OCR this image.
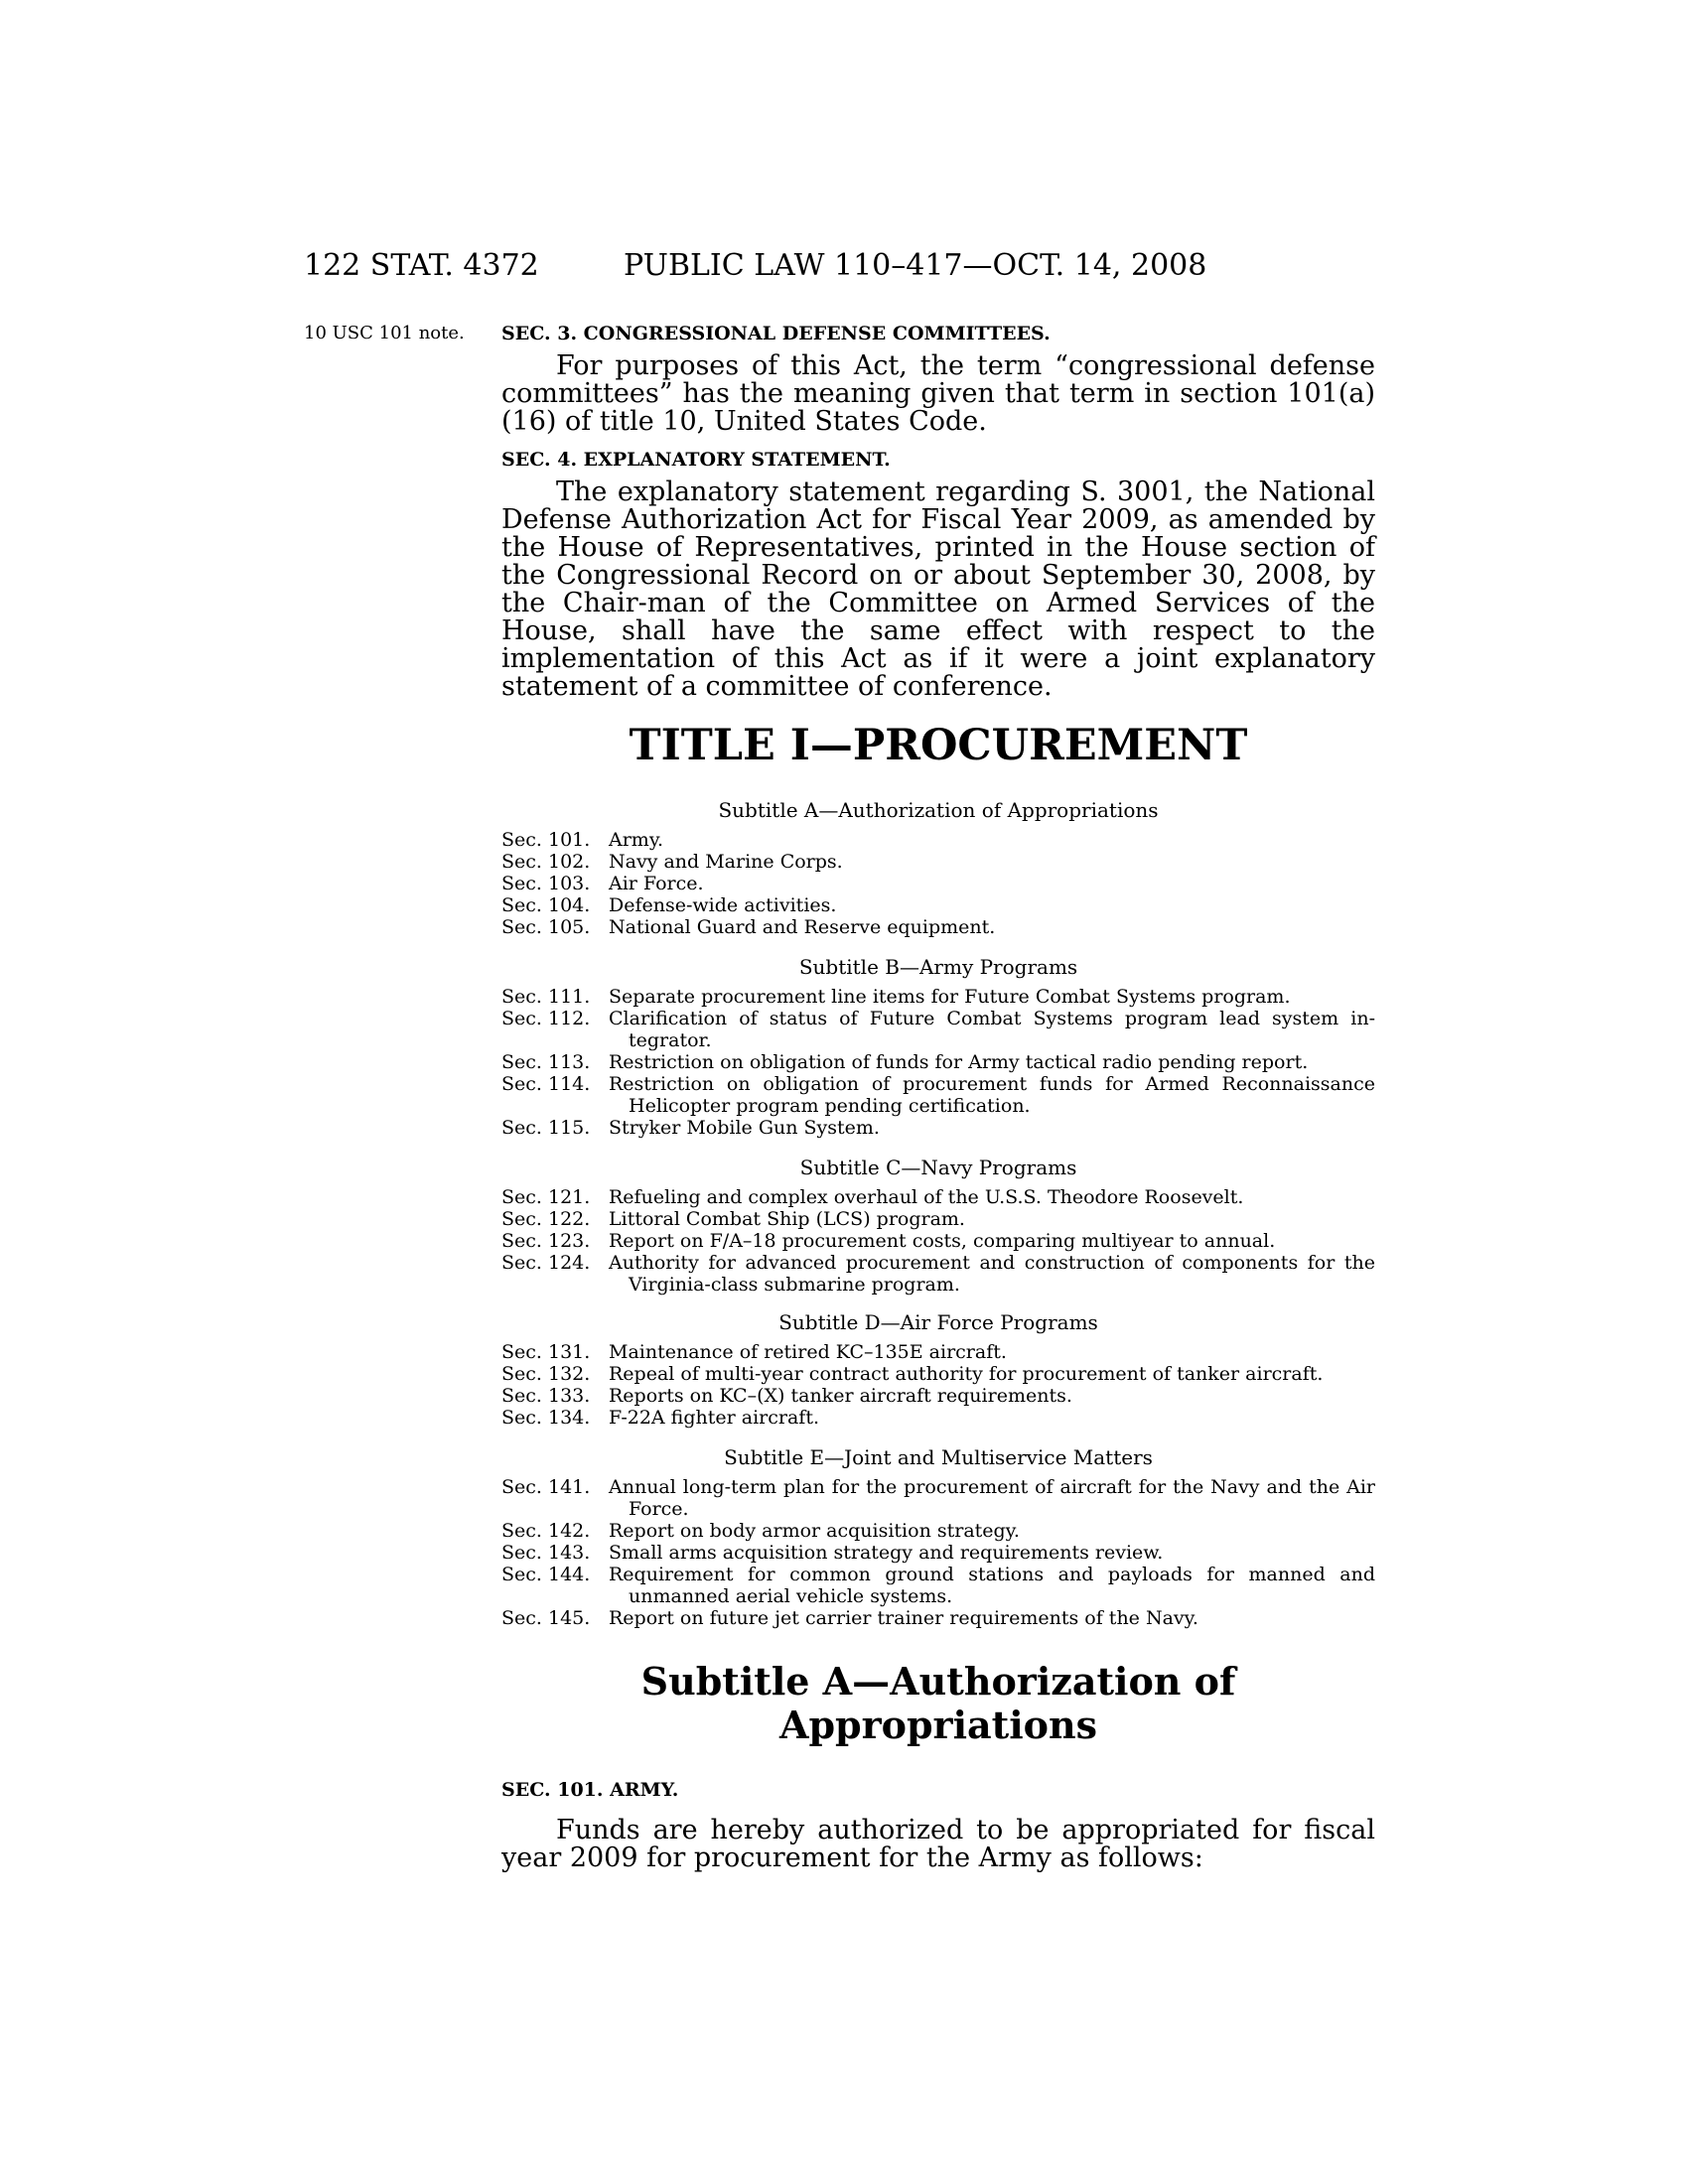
122 STAT. 4372	PUBLIC LAW 110–417—OCT. 14, 2008
10 USC 101 note. SEC. 3. CONGRESSIONAL DEFENSE COMMITTEES.

For purposes of this Act, the term “congressional defense committees” has the meaning given that term in section 101(a)(16) of title 10, United States Code.

SEC. 4. EXPLANATORY STATEMENT.

The explanatory statement regarding S. 3001, the National Defense Authorization Act for Fiscal Year 2009, as amended by the House of Representatives, printed in the House section of the Congressional Record on or about September 30, 2008, by the Chair-man of the Committee on Armed Services of the House, shall have the same effect with respect to the implementation of this Act as if it were a joint explanatory statement of a committee of conference.

TITLE I—PROCUREMENT
Subtitle A—Authorization of Appropriations
Sec. 101. Army.
Sec. 102. Navy and Marine Corps.
Sec. 103. Air Force.
Sec. 104. Defense-wide activities.
Sec. 105. National Guard and Reserve equipment.
Subtitle B—Army Programs
Sec. 111. Separate procurement line items for Future Combat Systems program.
Sec. 112. Clarification of status of Future Combat Systems program lead system in-tegrator.
Sec. 113. Restriction on obligation of funds for Army tactical radio pending report.
Sec. 114. Restriction on obligation of procurement funds for Armed Reconnaissance Helicopter program pending certification.
Sec. 115. Stryker Mobile Gun System.
Subtitle C—Navy Programs
Sec. 121. Refueling and complex overhaul of the U.S.S. Theodore Roosevelt.
Sec. 122. Littoral Combat Ship (LCS) program.
Sec. 123. Report on F/A–18 procurement costs, comparing multiyear to annual.
Sec. 124. Authority for advanced procurement and construction of components for the Virginia-class submarine program.
Subtitle D—Air Force Programs
Sec. 131. Maintenance of retired KC–135E aircraft.
Sec. 132. Repeal of multi-year contract authority for procurement of tanker aircraft.
Sec. 133. Reports on KC–(X) tanker aircraft requirements.
Sec. 134. F-22A fighter aircraft.
Subtitle E—Joint and Multiservice Matters
Sec. 141. Annual long-term plan for the procurement of aircraft for the Navy and the Air Force.
Sec. 142. Report on body armor acquisition strategy.
Sec. 143. Small arms acquisition strategy and requirements review.
Sec. 144. Requirement for common ground stations and payloads for manned and unmanned aerial vehicle systems.
Sec. 145. Report on future jet carrier trainer requirements of the Navy.
Subtitle A—Authorization of
Appropriations
SEC. 101. ARMY.

Funds are hereby authorized to be appropriated for fiscal year 2009 for procurement for the Army as follows:
